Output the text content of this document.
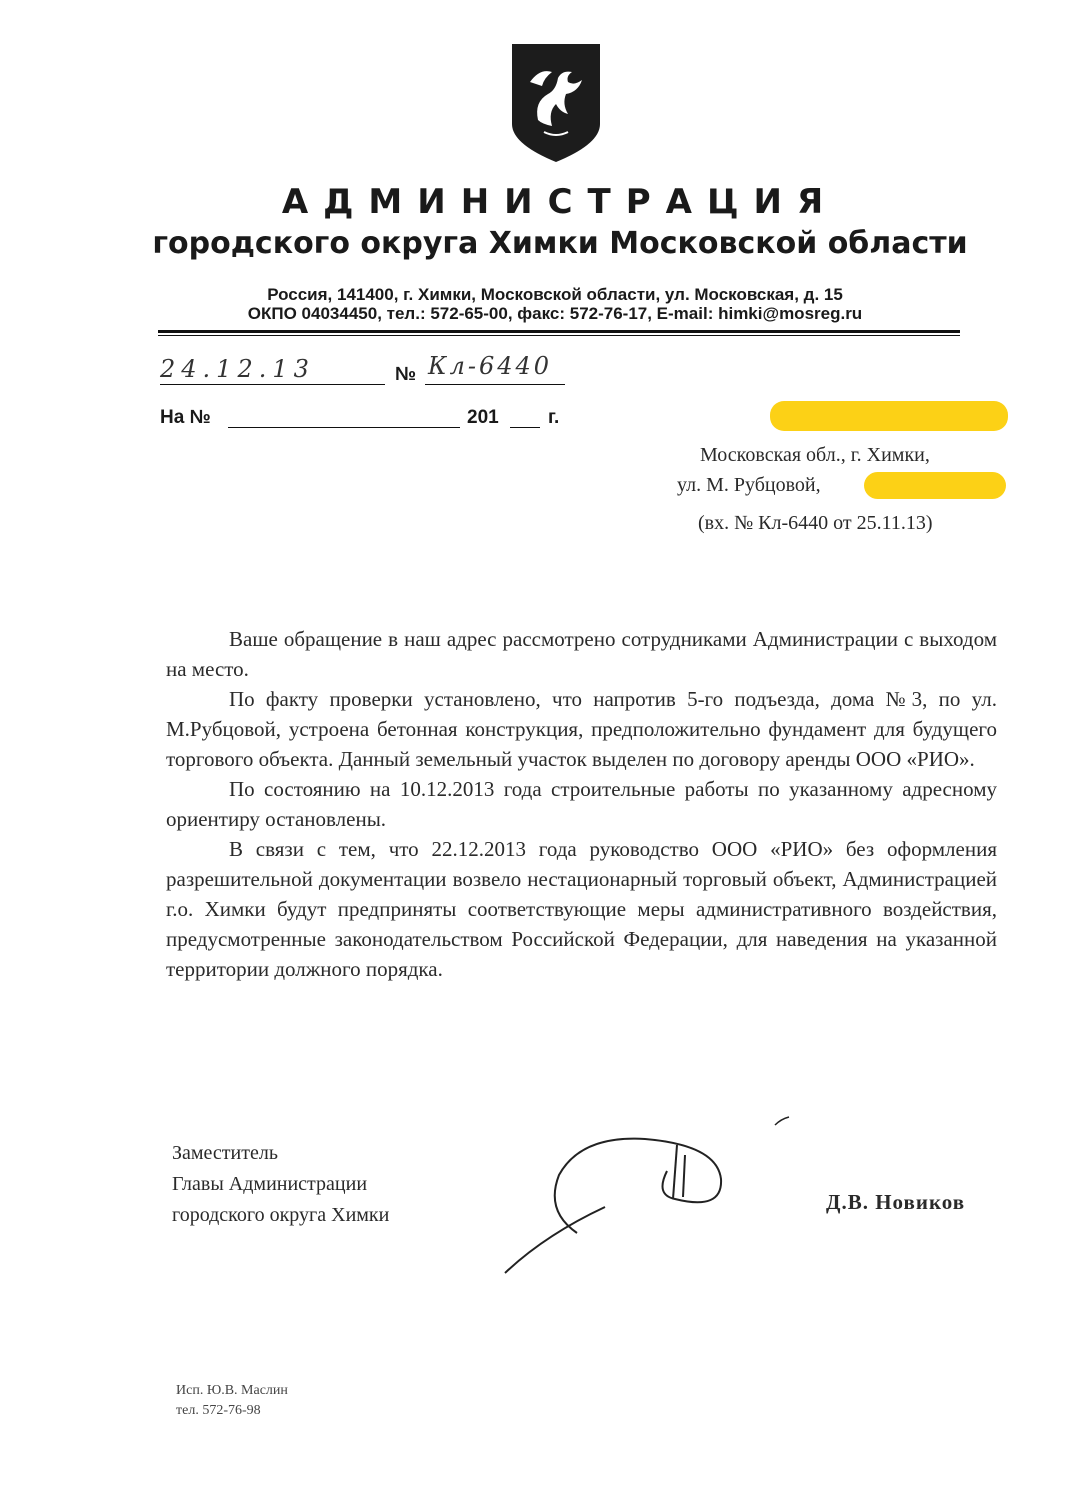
АДМИНИСТРАЦИЯ
городского округа Химки Московской области
Россия, 141400, г. Химки, Московской области, ул. Московская, д. 15
ОКПО 04034450, тел.: 572-65-00, факс: 572-76-17, E-mail: himki@mosreg.ru
24.12.13	№ Кл-6440
На №	201	г.
Московская обл., г. Химки,
ул. М. Рубцовой,
(вх. № Кл-6440 от 25.11.13)

Ваше обращение в наш адрес рассмотрено сотрудниками Администрации с выходом на место.

По факту проверки установлено, что напротив 5-го подъезда, дома №3, по ул. М.Рубцовой, устроена бетонная конструкция, предположительно фундамент для будущего торгового объекта. Данный земельный участок выделен по договору аренды ООО «РИО».

По состоянию на 10.12.2013 года строительные работы по указанному адресному ориентиру остановлены.

В связи с тем, что 22.12.2013 года руководство ООО «РИО» без оформления разрешительной документации возвело нестационарный торговый объект, Администрацией г.о. Химки будут предприняты соответствующие меры административного воздействия, предусмотренные законодательством Российской Федерации, для наведения на указанной территории должного порядка.

Заместитель
Главы Администрации
городского округа Химки
Д.В. Новиков
Исп. Ю.В. Маслин
тел. 572-76-98
